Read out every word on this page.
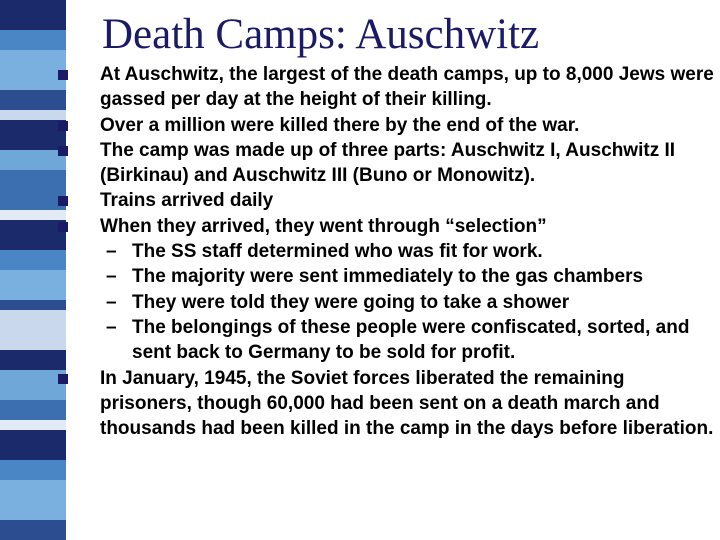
Death Camps: Auschwitz
At Auschwitz, the largest of the death camps, up to 8,000 Jews were gassed per day at the height of their killing.
Over a million were killed there by the end of the war.
The camp was made up of three parts: Auschwitz I, Auschwitz II (Birkinau) and Auschwitz III (Buno or Monowitz).
Trains arrived daily
When they arrived, they went through “selection”
– The SS staff determined who was fit for work.
– The majority were sent immediately to the gas chambers
– They were told they were going to take a shower
– The belongings of these people were confiscated, sorted, and sent back to Germany to be sold for profit.
In January, 1945, the Soviet forces liberated the remaining prisoners, though 60,000 had been sent on a death march and thousands had been killed in the camp in the days before liberation.
